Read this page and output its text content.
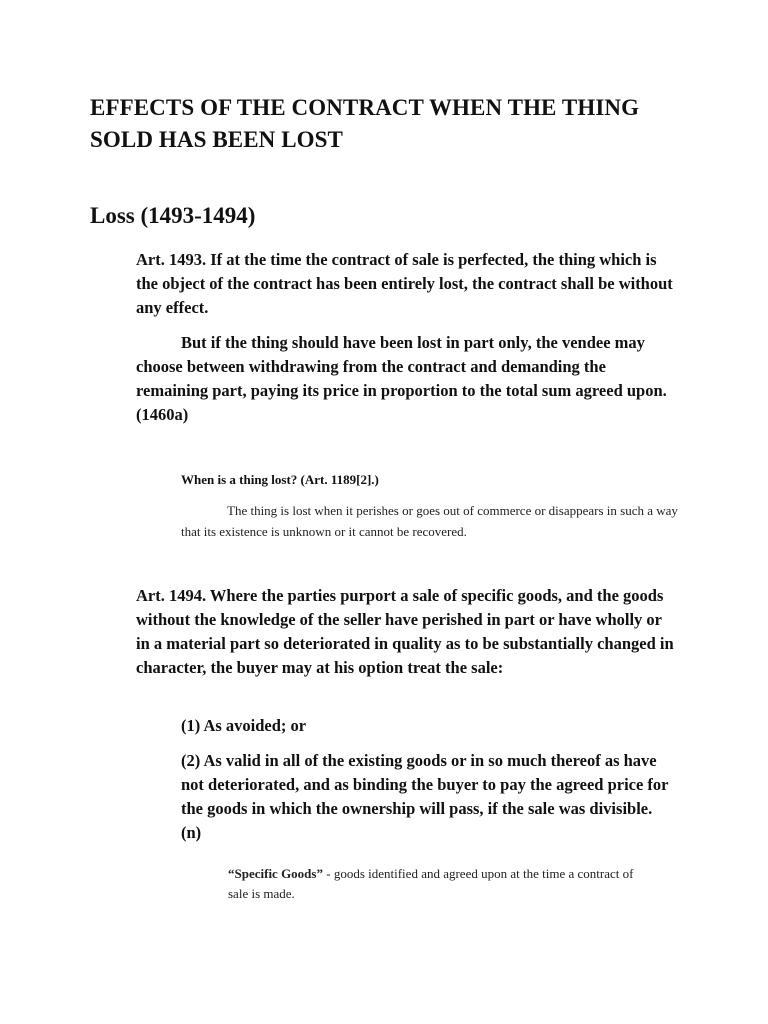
EFFECTS OF THE CONTRACT WHEN THE THING SOLD HAS BEEN LOST
Loss (1493-1494)

Art. 1493. If at the time the contract of sale is perfected, the thing which is the object of the contract has been entirely lost, the contract shall be without any effect.

But if the thing should have been lost in part only, the vendee may choose between withdrawing from the contract and demanding the remaining part, paying its price in proportion to the total sum agreed upon. (1460a)

When is a thing lost? (Art. 1189[2].)

The thing is lost when it perishes or goes out of commerce or disappears in such a way that its existence is unknown or it cannot be recovered.

Art. 1494. Where the parties purport a sale of specific goods, and the goods without the knowledge of the seller have perished in part or have wholly or in a material part so deteriorated in quality as to be substantially changed in character, the buyer may at his option treat the sale:

(1) As avoided; or

(2) As valid in all of the existing goods or in so much thereof as have not deteriorated, and as binding the buyer to pay the agreed price for the goods in which the ownership will pass, if the sale was divisible. (n)

“Specific Goods” - goods identified and agreed upon at the time a contract of sale is made.
